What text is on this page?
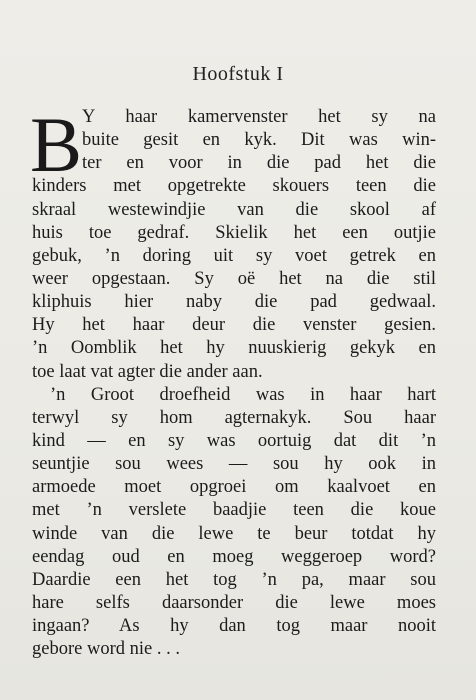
Hoofstuk I
B Y haar kamervenster het sy na
buite gesit en kyk. Dit was win-
ter en voor in die pad het die
kinders met opgetrekte skouers teen die
skraal westewindjie van die skool af
huis toe gedraf. Skielik het een outjie
gebuk, ’n doring uit sy voet getrek en
weer opgestaan. Sy oë het na die stil
kliphuis hier naby die pad gedwaal.
Hy het haar deur die venster gesien.
’n Oomblik het hy nuuskierig gekyk en
toe laat vat agter die ander aan.
’n Groot droefheid was in haar hart
terwyl sy hom agternakyk. Sou haar
kind — en sy was oortuig dat dit ’n
seuntjie sou wees — sou hy ook in
armoede moet opgroei om kaalvoet en
met ’n verslete baadjie teen die koue
winde van die lewe te beur totdat hy
eendag oud en moeg weggeroep word?
Daardie een het tog ’n pa, maar sou
hare selfs daarsonder die lewe moes
ingaan? As hy dan tog maar nooit
gebore word nie . . .
